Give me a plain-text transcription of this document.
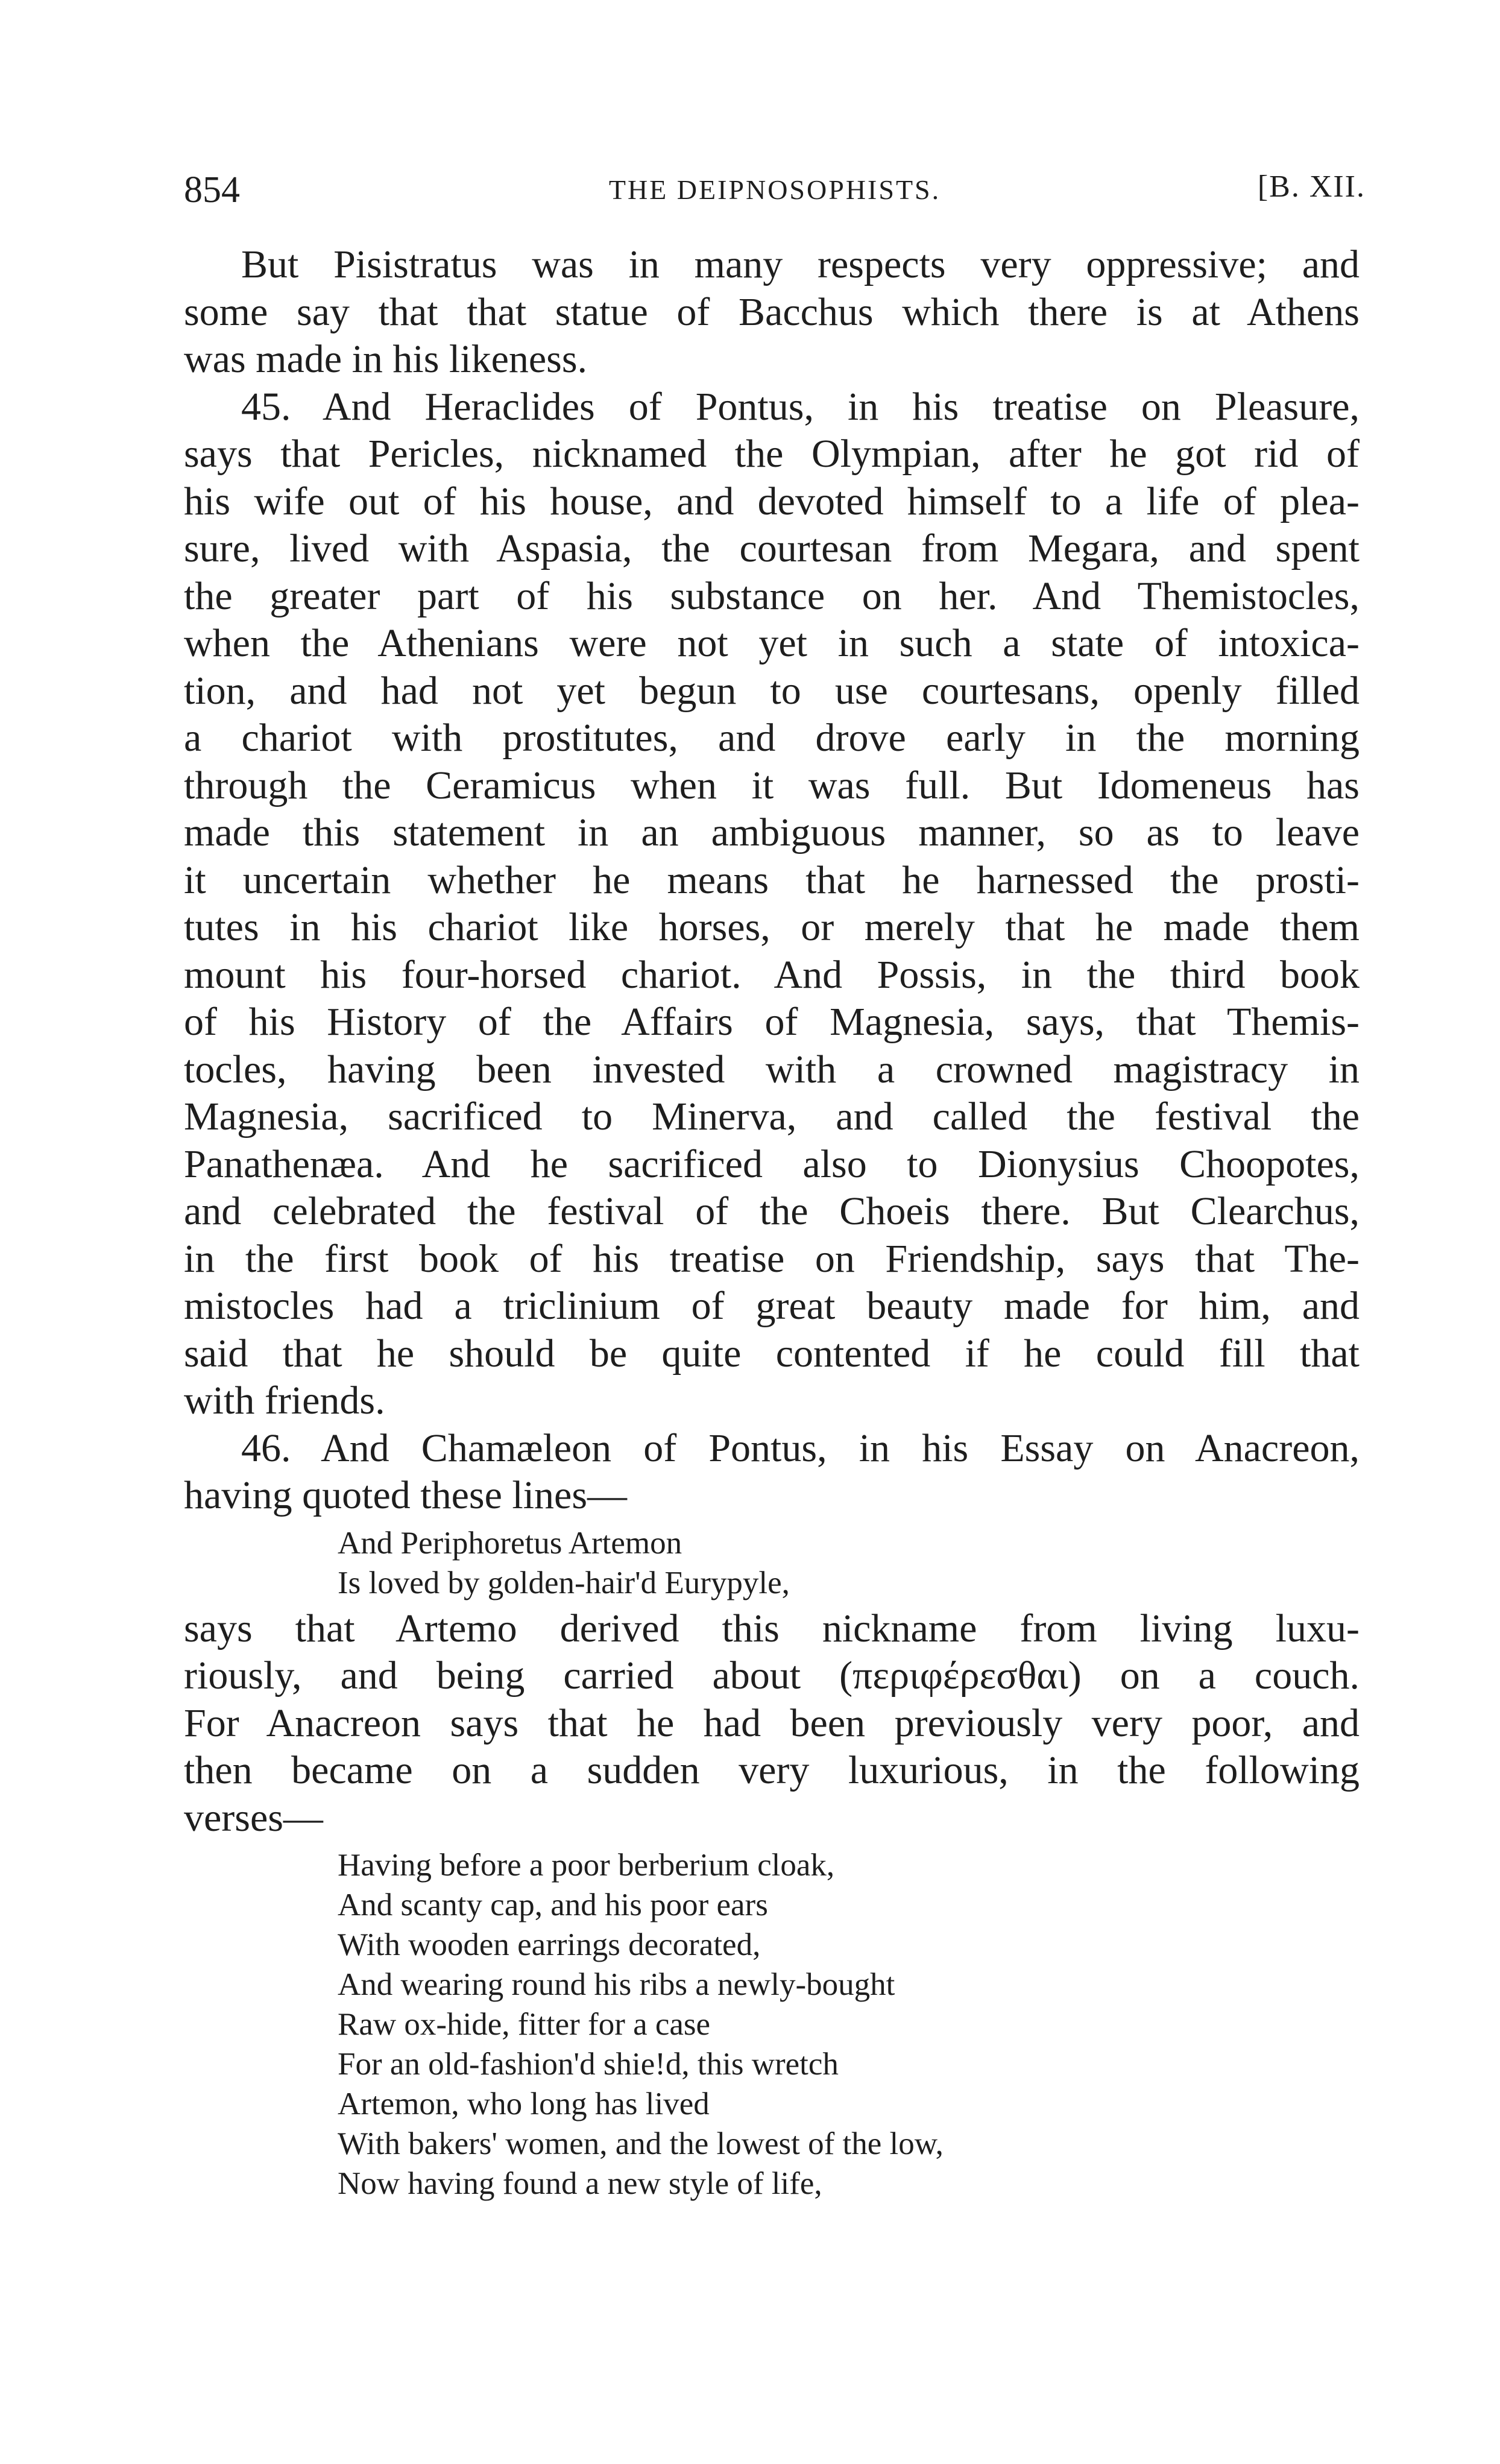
854	THE DEIPNOSOPHISTS.	[B. XII.
But Pisistratus was in many respects very oppressive; and
some say that that statue of Bacchus which there is at Athens
was made in his likeness.
45. And Heraclides of Pontus, in his treatise on Pleasure,
says that Pericles, nicknamed the Olympian, after he got rid of
his wife out of his house, and devoted himself to a life of plea-
sure, lived with Aspasia, the courtesan from Megara, and spent
the greater part of his substance on her. And Themistocles,
when the Athenians were not yet in such a state of intoxica-
tion, and had not yet begun to use courtesans, openly filled
a chariot with prostitutes, and drove early in the morning
through the Ceramicus when it was full. But Idomeneus has
made this statement in an ambiguous manner, so as to leave
it uncertain whether he means that he harnessed the prosti-
tutes in his chariot like horses, or merely that he made them
mount his four-horsed chariot. And Possis, in the third book
of his History of the Affairs of Magnesia, says, that Themis-
tocles, having been invested with a crowned magistracy in
Magnesia, sacrificed to Minerva, and called the festival the
Panathenæa. And he sacrificed also to Dionysius Choopotes,
and celebrated the festival of the Choeis there. But Clearchus,
in the first book of his treatise on Friendship, says that The-
mistocles had a triclinium of great beauty made for him, and
said that he should be quite contented if he could fill that
with friends.
46. And Chamæleon of Pontus, in his Essay on Anacreon,
having quoted these lines—
And Periphoretus Artemon
Is loved by golden-hair'd Eurypyle,
says that Artemo derived this nickname from living luxu-
riously, and being carried about (περιφέρεσθαι) on a couch.
For Anacreon says that he had been previously very poor, and
then became on a sudden very luxurious, in the following
verses—
Having before a poor berberium cloak,
And scanty cap, and his poor ears
With wooden earrings decorated,
And wearing round his ribs a newly-bought
Raw ox-hide, fitter for a case
For an old-fashion'd shie!d, this wretch
Artemon, who long has lived
With bakers' women, and the lowest of the low,
Now having found a new style of life,
